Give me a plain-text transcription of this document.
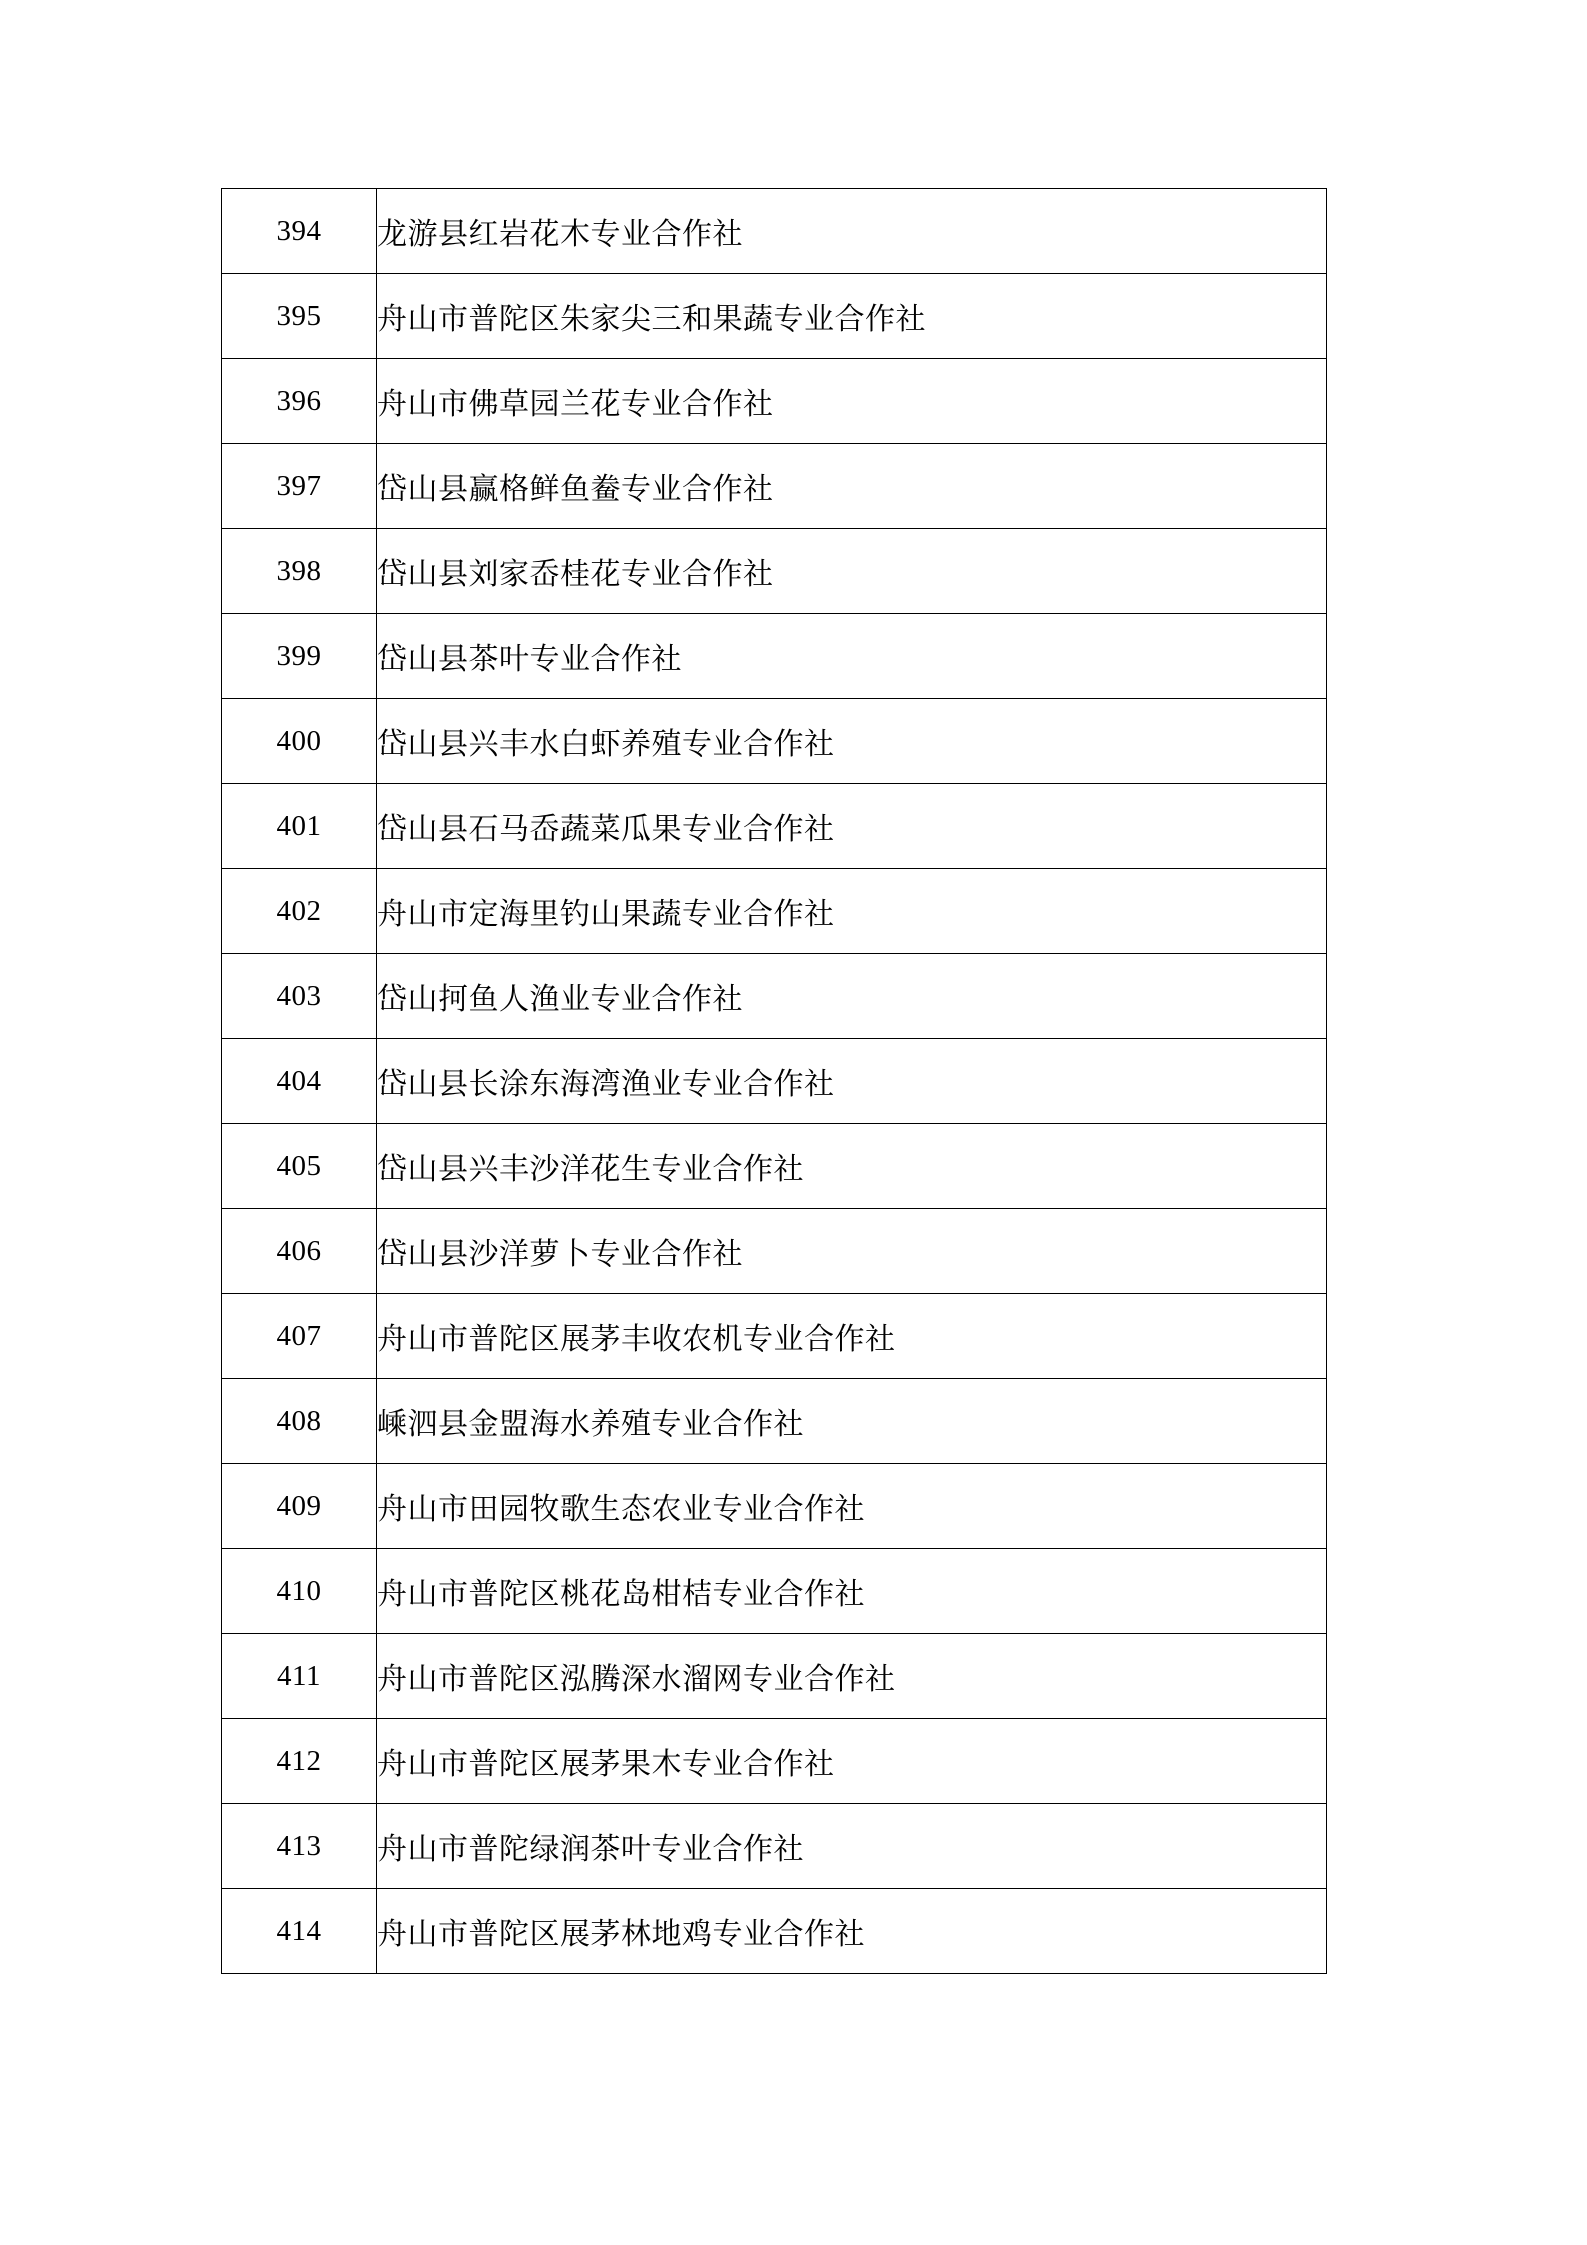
394	龙游县红岩花木专业合作社
395	舟山市普陀区朱家尖三和果蔬专业合作社
396	舟山市佛草园兰花专业合作社
397	岱山县赢格鲜鱼鲞专业合作社
398	岱山县刘家岙桂花专业合作社
399	岱山县茶叶专业合作社
400	岱山县兴丰水白虾养殖专业合作社
401	岱山县石马岙蔬菜瓜果专业合作社
402	舟山市定海里钓山果蔬专业合作社
403	岱山抲鱼人渔业专业合作社
404	岱山县长涂东海湾渔业专业合作社
405	岱山县兴丰沙洋花生专业合作社
406	岱山县沙洋萝卜专业合作社
407	舟山市普陀区展茅丰收农机专业合作社
408	嵊泗县金盟海水养殖专业合作社
409	舟山市田园牧歌生态农业专业合作社
410	舟山市普陀区桃花岛柑桔专业合作社
411	舟山市普陀区泓腾深水溜网专业合作社
412	舟山市普陀区展茅果木专业合作社
413	舟山市普陀绿润茶叶专业合作社
414	舟山市普陀区展茅林地鸡专业合作社
